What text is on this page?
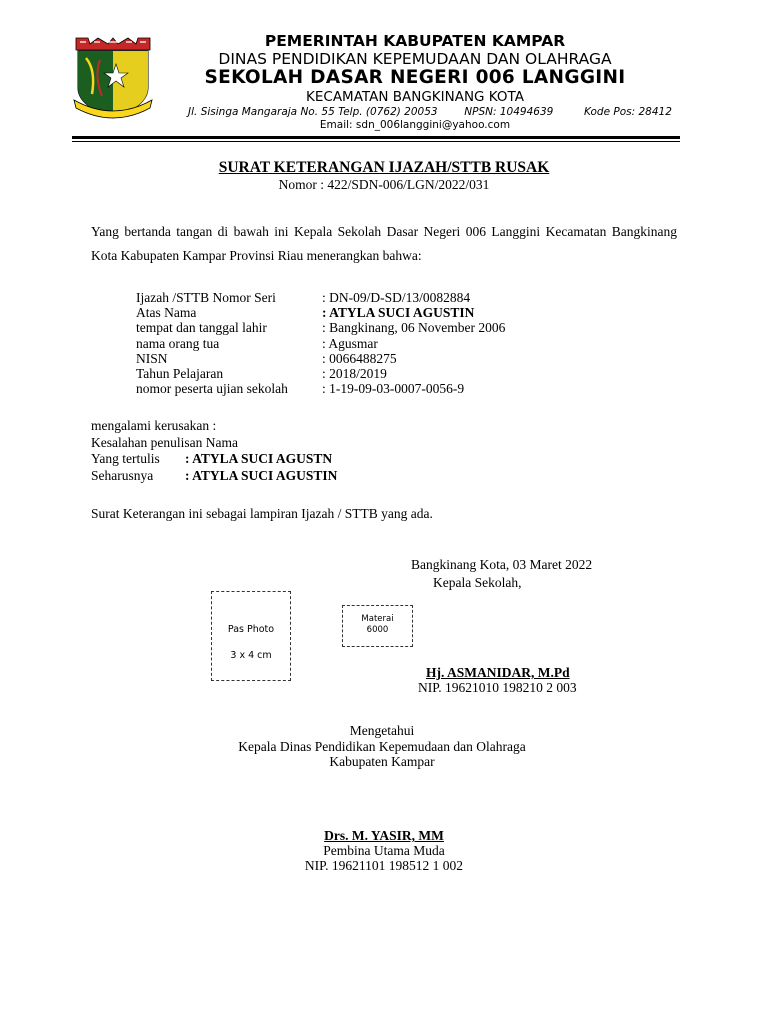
PEMERINTAH KABUPATEN KAMPAR
DINAS PENDIDIKAN KEPEMUDAAN DAN OLAHRAGA
SEKOLAH DASAR NEGERI 006 LANGGINI
KECAMATAN BANGKINANG KOTA
Jl. Sisinga Mangaraja No. 55 Telp. (0762) 20053	NPSN: 10494639	Kode Pos: 28412
Email: sdn_006langgini@yahoo.com
SURAT KETERANGAN IJAZAH/STTB RUSAK
Nomor : 422/SDN-006/LGN/2022/031
Yang bertanda tangan di bawah ini Kepala Sekolah Dasar Negeri 006 Langgini Kecamatan Bangkinang Kota Kabupaten Kampar Provinsi Riau menerangkan bahwa:
Ijazah /STTB Nomor Seri	: DN-09/D-SD/13/0082884
Atas Nama	: ATYLA SUCI AGUSTIN
tempat dan tanggal lahir	: Bangkinang, 06 November 2006
nama orang tua	: Agusmar
NISN	: 0066488275
Tahun Pelajaran	: 2018/2019
nomor peserta ujian sekolah	: 1-19-09-03-0007-0056-9
mengalami kerusakan :
Kesalahan penulisan Nama
Yang tertulis	: ATYLA SUCI AGUSTN
Seharusnya	: ATYLA SUCI AGUSTIN
Surat Keterangan ini sebagai lampiran Ijazah / STTB yang ada.
Bangkinang Kota, 03 Maret 2022
Kepala Sekolah,
Pas Photo
3 x 4 cm
Materai
6000
Hj. ASMANIDAR, M.Pd
NIP. 19621010 198210 2 003
Mengetahui
Kepala Dinas Pendidikan Kepemudaan dan Olahraga
Kabupaten Kampar
Drs. M. YASIR, MM
Pembina Utama Muda
NIP. 19621101 198512 1 002
